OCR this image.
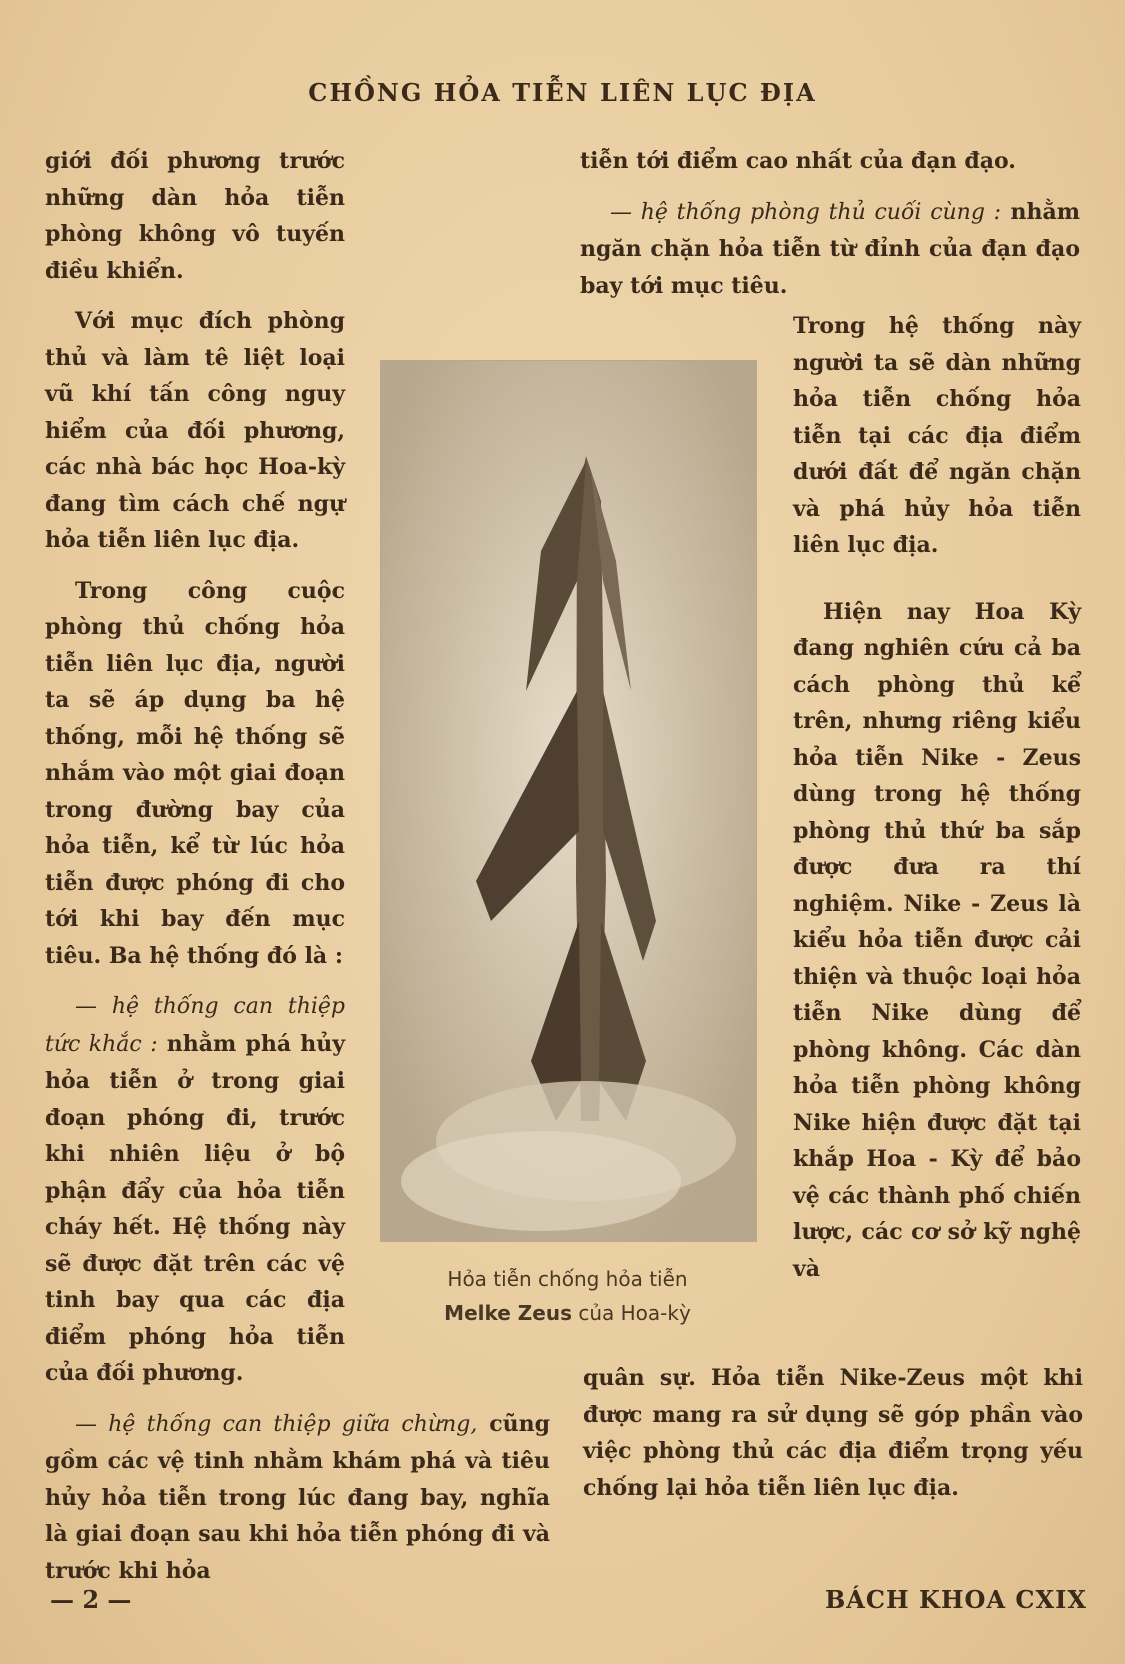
CHỒNG HỎA TIỄN LIÊN LỤC ĐỊA

giới đối phương trước những dàn hỏa tiễn phòng không vô tuyến điều khiển.

Với mục đích phòng thủ và làm tê liệt loại vũ khí tấn công nguy hiểm của đối phương, các nhà bác học Hoa-kỳ đang tìm cách chế ngự hỏa tiễn liên lục địa.

Trong công cuộc phòng thủ chống hỏa tiễn liên lục địa, người ta sẽ áp dụng ba hệ thống, mỗi hệ thống sẽ nhắm vào một giai đoạn trong đường bay của hỏa tiễn, kể từ lúc hỏa tiễn được phóng đi cho tới khi bay đến mục tiêu. Ba hệ thống đó là :

— hệ thống can thiệp tức khắc : nhằm phá hủy hỏa tiễn ở trong giai đoạn phóng đi, trước khi nhiên liệu ở bộ phận đẩy của hỏa tiễn cháy hết. Hệ thống này sẽ được đặt trên các vệ tinh bay qua các địa điểm phóng hỏa tiễn của đối phương.

— hệ thống can thiệp giữa chừng, cũng gồm các vệ tinh nhằm khám phá và tiêu hủy hỏa tiễn trong lúc đang bay, nghĩa là giai đoạn sau khi hỏa tiễn phóng đi và trước khi hỏa

tiễn tới điểm cao nhất của đạn đạo.

— hệ thống phòng thủ cuối cùng : nhằm ngăn chặn hỏa tiễn từ đỉnh của đạn đạo bay tới mục tiêu.

Trong hệ thống này người ta sẽ dàn những hỏa tiễn chống hỏa tiễn tại các địa điểm dưới đất để ngăn chặn và phá hủy hỏa tiễn liên lục địa.

Hiện nay Hoa Kỳ đang nghiên cứu cả ba cách phòng thủ kể trên, nhưng riêng kiểu hỏa tiễn Nike - Zeus dùng trong hệ thống phòng thủ thứ ba sắp được đưa ra thí nghiệm. Nike - Zeus là kiểu hỏa tiễn được cải thiện và thuộc loại hỏa tiễn Nike dùng để phòng không. Các dàn hỏa tiễn phòng không Nike hiện được đặt tại khắp Hoa - Kỳ để bảo vệ các thành phố chiến lược, các cơ sở kỹ nghệ và

quân sự. Hỏa tiễn Nike-Zeus một khi được mang ra sử dụng sẽ góp phần vào việc phòng thủ các địa điểm trọng yếu chống lại hỏa tiễn liên lục địa.

Hỏa tiễn chống hỏa tiễn
Melke Zeus của Hoa-kỳ
— 2 —	BÁCH KHOA CXIX
